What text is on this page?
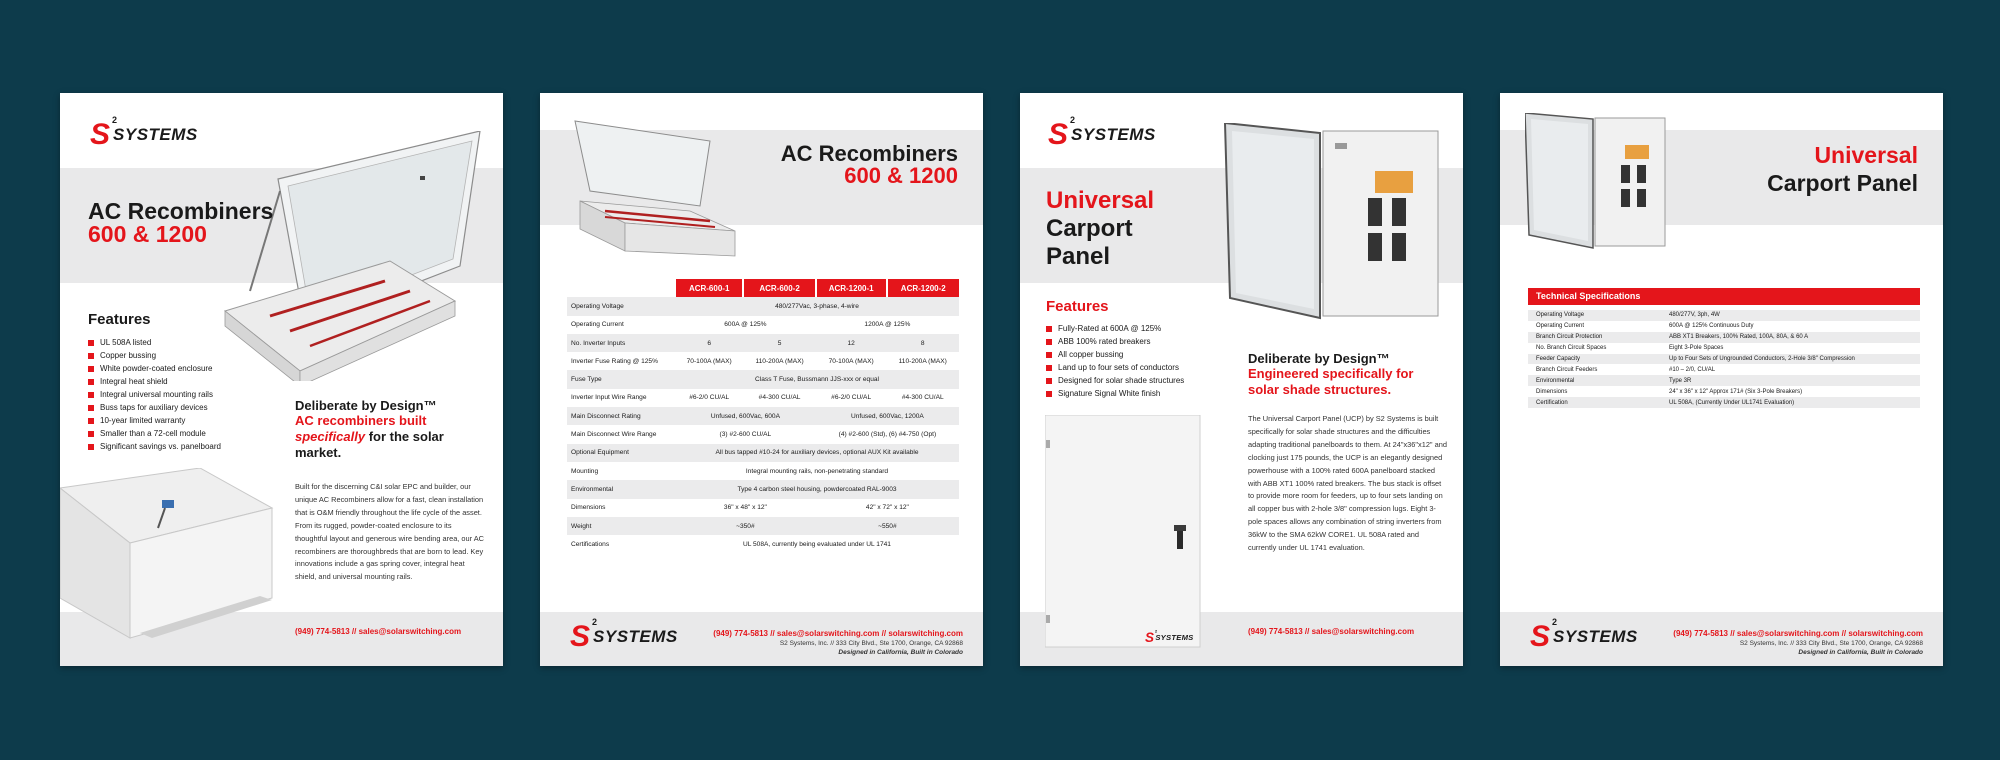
S 2
SYSTEMS
AC Recombiners
600 & 1200
Features
UL 508A listed
Copper bussing
White powder-coated enclosure
Integral heat shield
Integral universal mounting rails
Buss taps for auxiliary devices
10-year limited warranty
Smaller than a 72-cell module
Significant savings vs. panelboard
Deliberate by Design™
AC recombiners built specifically for the solar market.
Built for the discerning C&I solar EPC and builder, our unique AC Recombiners allow for a fast, clean installation that is O&M friendly throughout the life cycle of the asset. From its rugged, powder-coated enclosure to its thoughtful layout and generous wire bending area, our AC recombiners are thoroughbreds that are born to lead. Key innovations include a gas spring cover, integral heat shield, and universal mounting rails.
(949) 774-5813 // sales@solarswitching.com
AC Recombiners
600 & 1200
	ACR-600-1	ACR-600-2	ACR-1200-1	ACR-1200-2
Operating Voltage	480/277Vac, 3-phase, 4-wire			
Operating Current	600A @ 125%		1200A @ 125%	
No. Inverter Inputs	6	5	12	8
Inverter Fuse Rating @ 125%	70-100A (MAX)	110-200A (MAX)	70-100A (MAX)	110-200A (MAX)
Fuse Type	Class T Fuse, Bussmann JJS-xxx or equal			
Inverter Input Wire Range	#6-2/0 CU/AL	#4-300 CU/AL	#6-2/0 CU/AL	#4-300 CU/AL
Main Disconnect Rating	Unfused, 600Vac, 600A		Unfused, 600Vac, 1200A	
Main Disconnect Wire Range	(3) #2-600 CU/AL		(4) #2-600 (Std), (6) #4-750 (Opt)	
Optional Equipment	All bus tapped #10-24 for auxiliary devices, optional AUX Kit available			
Mounting	Integral mounting rails, non-penetrating standard			
Environmental	Type 4 carbon steel housing, powdercoated RAL-9003			
Dimensions	36" x 48" x 12"		42" x 72" x 12"	
Weight	~350#		~550#	
Certifications	UL 508A, currently being evaluated under UL 1741			
S 2
SYSTEMS	(949) 774-5813 // sales@solarswitching.com // solarswitching.com
S2 Systems, Inc. // 333 City Blvd., Ste 1700, Orange, CA 92868
Designed in California, Built in Colorado
S 2
SYSTEMS
Universal
Carport
Panel
Features
Fully-Rated at 600A @ 125%
ABB 100% rated breakers
All copper bussing
Land up to four sets of conductors
Designed for solar shade structures
Signature Signal White finish
S 2
SYSTEMS
Deliberate by Design™
Engineered specifically for solar shade structures.
The Universal Carport Panel (UCP) by S2 Systems is built specifically for solar shade structures and the difficulties adapting traditional panelboards to them. At 24"x36"x12" and clocking just 175 pounds, the UCP is an elegantly designed powerhouse with a 100% rated 600A panelboard stacked with ABB XT1 100% rated breakers. The bus stack is offset to provide more room for feeders, up to four sets landing on all copper bus with 2-hole 3/8" compression lugs. Eight 3-pole spaces allows any combination of string inverters from 36kW to the SMA 62kW CORE1. UL 508A rated and currently under UL 1741 evaluation.
(949) 774-5813 // sales@solarswitching.com
Universal
Carport Panel
Technical Specifications
Operating Voltage	480/277V, 3ph, 4W
Operating Current	600A @ 125% Continuous Duty
Branch Circuit Protection	ABB XT1 Breakers, 100% Rated, 100A, 80A, & 60 A
No. Branch Circuit Spaces	Eight 3-Pole Spaces
Feeder Capacity	Up to Four Sets of Ungrounded Conductors, 2-Hole 3/8" Compression
Branch Circuit Feeders	#10 – 2/0, CU/AL
Environmental	Type 3R
Dimensions	24" x 36" x 12" Approx 171# (Six 3-Pole Breakers)
Certification	UL 508A, (Currently Under UL1741 Evaluation)
S 2
SYSTEMS	(949) 774-5813 // sales@solarswitching.com // solarswitching.com
S2 Systems, Inc. // 333 City Blvd., Ste 1700, Orange, CA 92868
Designed in California, Built in Colorado
